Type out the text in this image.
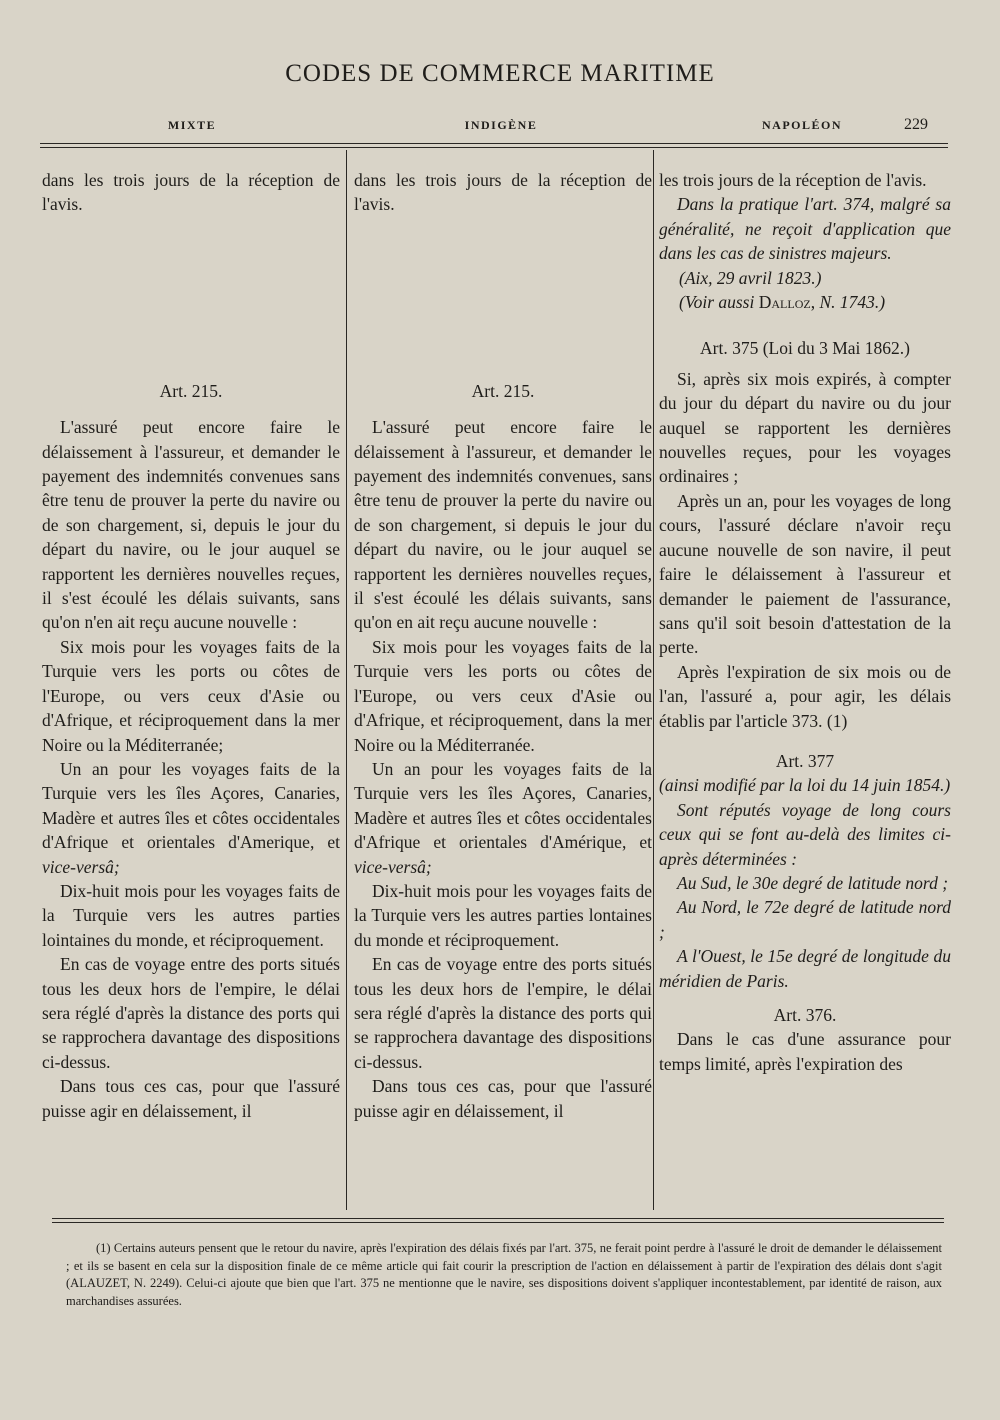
CODES DE COMMERCE MARITIME
MIXTE	INDIGÈNE	NAPOLÉON	229

dans les trois jours de la réception de l'avis.

Art. 215.

L'assuré peut encore faire le délaissement à l'assureur, et demander le payement des indemnités convenues sans être tenu de prouver la perte du navire ou de son chargement, si, depuis le jour du départ du navire, ou le jour auquel se rapportent les dernières nouvelles reçues, il s'est écoulé les délais suivants, sans qu'on n'en ait reçu aucune nouvelle :

Six mois pour les voyages faits de la Turquie vers les ports ou côtes de l'Europe, ou vers ceux d'Asie ou d'Afrique, et réciproquement dans la mer Noire ou la Méditerranée;

Un an pour les voyages faits de la Turquie vers les îles Açores, Canaries, Madère et autres îles et côtes occidentales d'Afrique et orientales d'Amerique, et vice-versâ;

Dix-huit mois pour les voyages faits de la Turquie vers les autres parties lointaines du monde, et réciproquement.

En cas de voyage entre des ports situés tous les deux hors de l'empire, le délai sera réglé d'après la distance des ports qui se rapprochera davantage des dispositions ci-dessus.

Dans tous ces cas, pour que l'assuré puisse agir en délaissement, il

dans les trois jours de la réception de l'avis.

Art. 215.

L'assuré peut encore faire le délaissement à l'assureur, et demander le payement des indemnités convenues, sans être tenu de prouver la perte du navire ou de son chargement, si depuis le jour du départ du navire, ou le jour auquel se rapportent les dernières nouvelles reçues, il s'est écoulé les délais suivants, sans qu'on en ait reçu aucune nouvelle :

Six mois pour les voyages faits de la Turquie vers les ports ou côtes de l'Europe, ou vers ceux d'Asie ou d'Afrique, et réciproquement, dans la mer Noire ou la Méditerranée.

Un an pour les voyages faits de la Turquie vers les îles Açores, Canaries, Madère et autres îles et côtes occidentales d'Afrique et orientales d'Amérique, et vice-versâ;

Dix-huit mois pour les voyages faits de la Turquie vers les autres parties lontaines du monde et réciproquement.

En cas de voyage entre des ports situés tous les deux hors de l'empire, le délai sera réglé d'après la distance des ports qui se rapprochera davantage des dispositions ci-dessus.

Dans tous ces cas, pour que l'assuré puisse agir en délaissement, il

les trois jours de la réception de l'avis.

Dans la pratique l'art. 374, malgré sa généralité, ne reçoit d'application que dans les cas de sinistres majeurs.

(Aix, 29 avril 1823.)

(Voir aussi Dalloz, N. 1743.)

Art. 375 (Loi du 3 Mai 1862.)

Si, après six mois expirés, à compter du jour du départ du navire ou du jour auquel se rapportent les dernières nouvelles reçues, pour les voyages ordinaires ;

Après un an, pour les voyages de long cours, l'assuré déclare n'avoir reçu aucune nouvelle de son navire, il peut faire le délaissement à l'assureur et demander le paiement de l'assurance, sans qu'il soit besoin d'attestation de la perte.

Après l'expiration de six mois ou de l'an, l'assuré a, pour agir, les délais établis par l'article 373. (1)

Art. 377

(ainsi modifié par la loi du 14 juin 1854.)

Sont réputés voyage de long cours ceux qui se font au-delà des limites ci-après déterminées :

Au Sud, le 30e degré de latitude nord ;

Au Nord, le 72e degré de latitude nord ;

A l'Ouest, le 15e degré de longitude du méridien de Paris.

Art. 376.

Dans le cas d'une assurance pour temps limité, après l'expiration des

(1) Certains auteurs pensent que le retour du navire, après l'expiration des délais fixés par l'art. 375, ne ferait point perdre à l'assuré le droit de demander le délaissement ; et ils se basent en cela sur la disposition finale de ce même article qui fait courir la prescription de l'action en délaissement à partir de l'expiration des délais dont s'agit (ALAUZET, N. 2249). Celui-ci ajoute que bien que l'art. 375 ne mentionne que le navire, ses dispositions doivent s'appliquer incontestablement, par identité de raison, aux marchandises assurées.
